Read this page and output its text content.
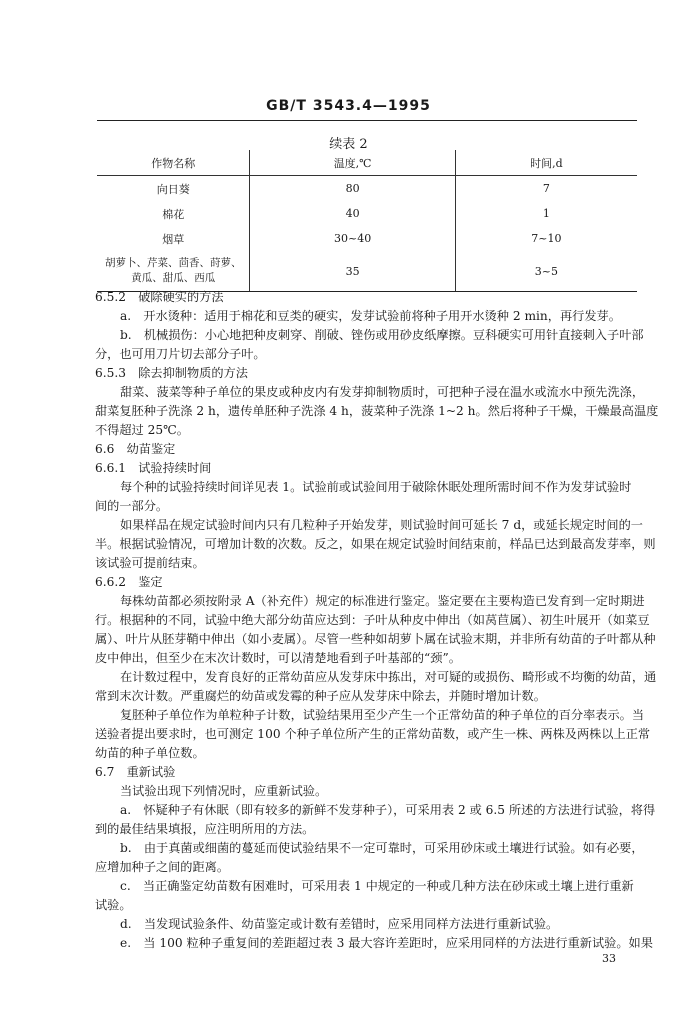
GB/T 3543.4—1995
续表 2
作物名称	温度,℃	时间,d
向日葵	80	7
棉花	40	1
烟草	30~40	7~10
胡萝卜、芹菜、茴香、莳萝、黄瓜、甜瓜、西瓜	35	3~5
6.5.2　破除硬实的方法
a.　开水烫种：适用于棉花和豆类的硬实，发芽试验前将种子用开水烫种 2 min，再行发芽。
b.　机械损伤：小心地把种皮刺穿、削破、锉伤或用砂皮纸摩擦。豆科硬实可用针直接刺入子叶部
分，也可用刀片切去部分子叶。
6.5.3　除去抑制物质的方法
甜菜、菠菜等种子单位的果皮或种皮内有发芽抑制物质时，可把种子浸在温水或流水中预先洗涤，
甜菜复胚种子洗涤 2 h，遗传单胚种子洗涤 4 h，菠菜种子洗涤 1~2 h。然后将种子干燥，干燥最高温度
不得超过 25℃。
6.6　幼苗鉴定
6.6.1　试验持续时间
每个种的试验持续时间详见表 1。试验前或试验间用于破除休眠处理所需时间不作为发芽试验时
间的一部分。
如果样品在规定试验时间内只有几粒种子开始发芽，则试验时间可延长 7 d，或延长规定时间的一
半。根据试验情况，可增加计数的次数。反之，如果在规定试验时间结束前，样品已达到最高发芽率，则
该试验可提前结束。
6.6.2　鉴定
每株幼苗都必须按附录 A（补充件）规定的标准进行鉴定。鉴定要在主要构造已发育到一定时期进
行。根据种的不同，试验中绝大部分幼苗应达到：子叶从种皮中伸出（如莴苣属）、初生叶展开（如菜豆
属）、叶片从胚芽鞘中伸出（如小麦属）。尽管一些种如胡萝卜属在试验末期，并非所有幼苗的子叶都从种
皮中伸出，但至少在末次计数时，可以清楚地看到子叶基部的“颈”。
在计数过程中，发育良好的正常幼苗应从发芽床中拣出，对可疑的或损伤、畸形或不均衡的幼苗，通
常到末次计数。严重腐烂的幼苗或发霉的种子应从发芽床中除去，并随时增加计数。
复胚种子单位作为单粒种子计数，试验结果用至少产生一个正常幼苗的种子单位的百分率表示。当
送验者提出要求时，也可测定 100 个种子单位所产生的正常幼苗数，或产生一株、两株及两株以上正常
幼苗的种子单位数。
6.7　重新试验
当试验出现下列情况时，应重新试验。
a.　怀疑种子有休眠（即有较多的新鲜不发芽种子），可采用表 2 或 6.5 所述的方法进行试验，将得
到的最佳结果填报，应注明所用的方法。
b.　由于真菌或细菌的蔓延而使试验结果不一定可靠时，可采用砂床或土壤进行试验。如有必要，
应增加种子之间的距离。
c.　当正确鉴定幼苗数有困难时，可采用表 1 中规定的一种或几种方法在砂床或土壤上进行重新
试验。
d.　当发现试验条件、幼苗鉴定或计数有差错时，应采用同样方法进行重新试验。
e.　当 100 粒种子重复间的差距超过表 3 最大容许差距时，应采用同样的方法进行重新试验。如果
33
